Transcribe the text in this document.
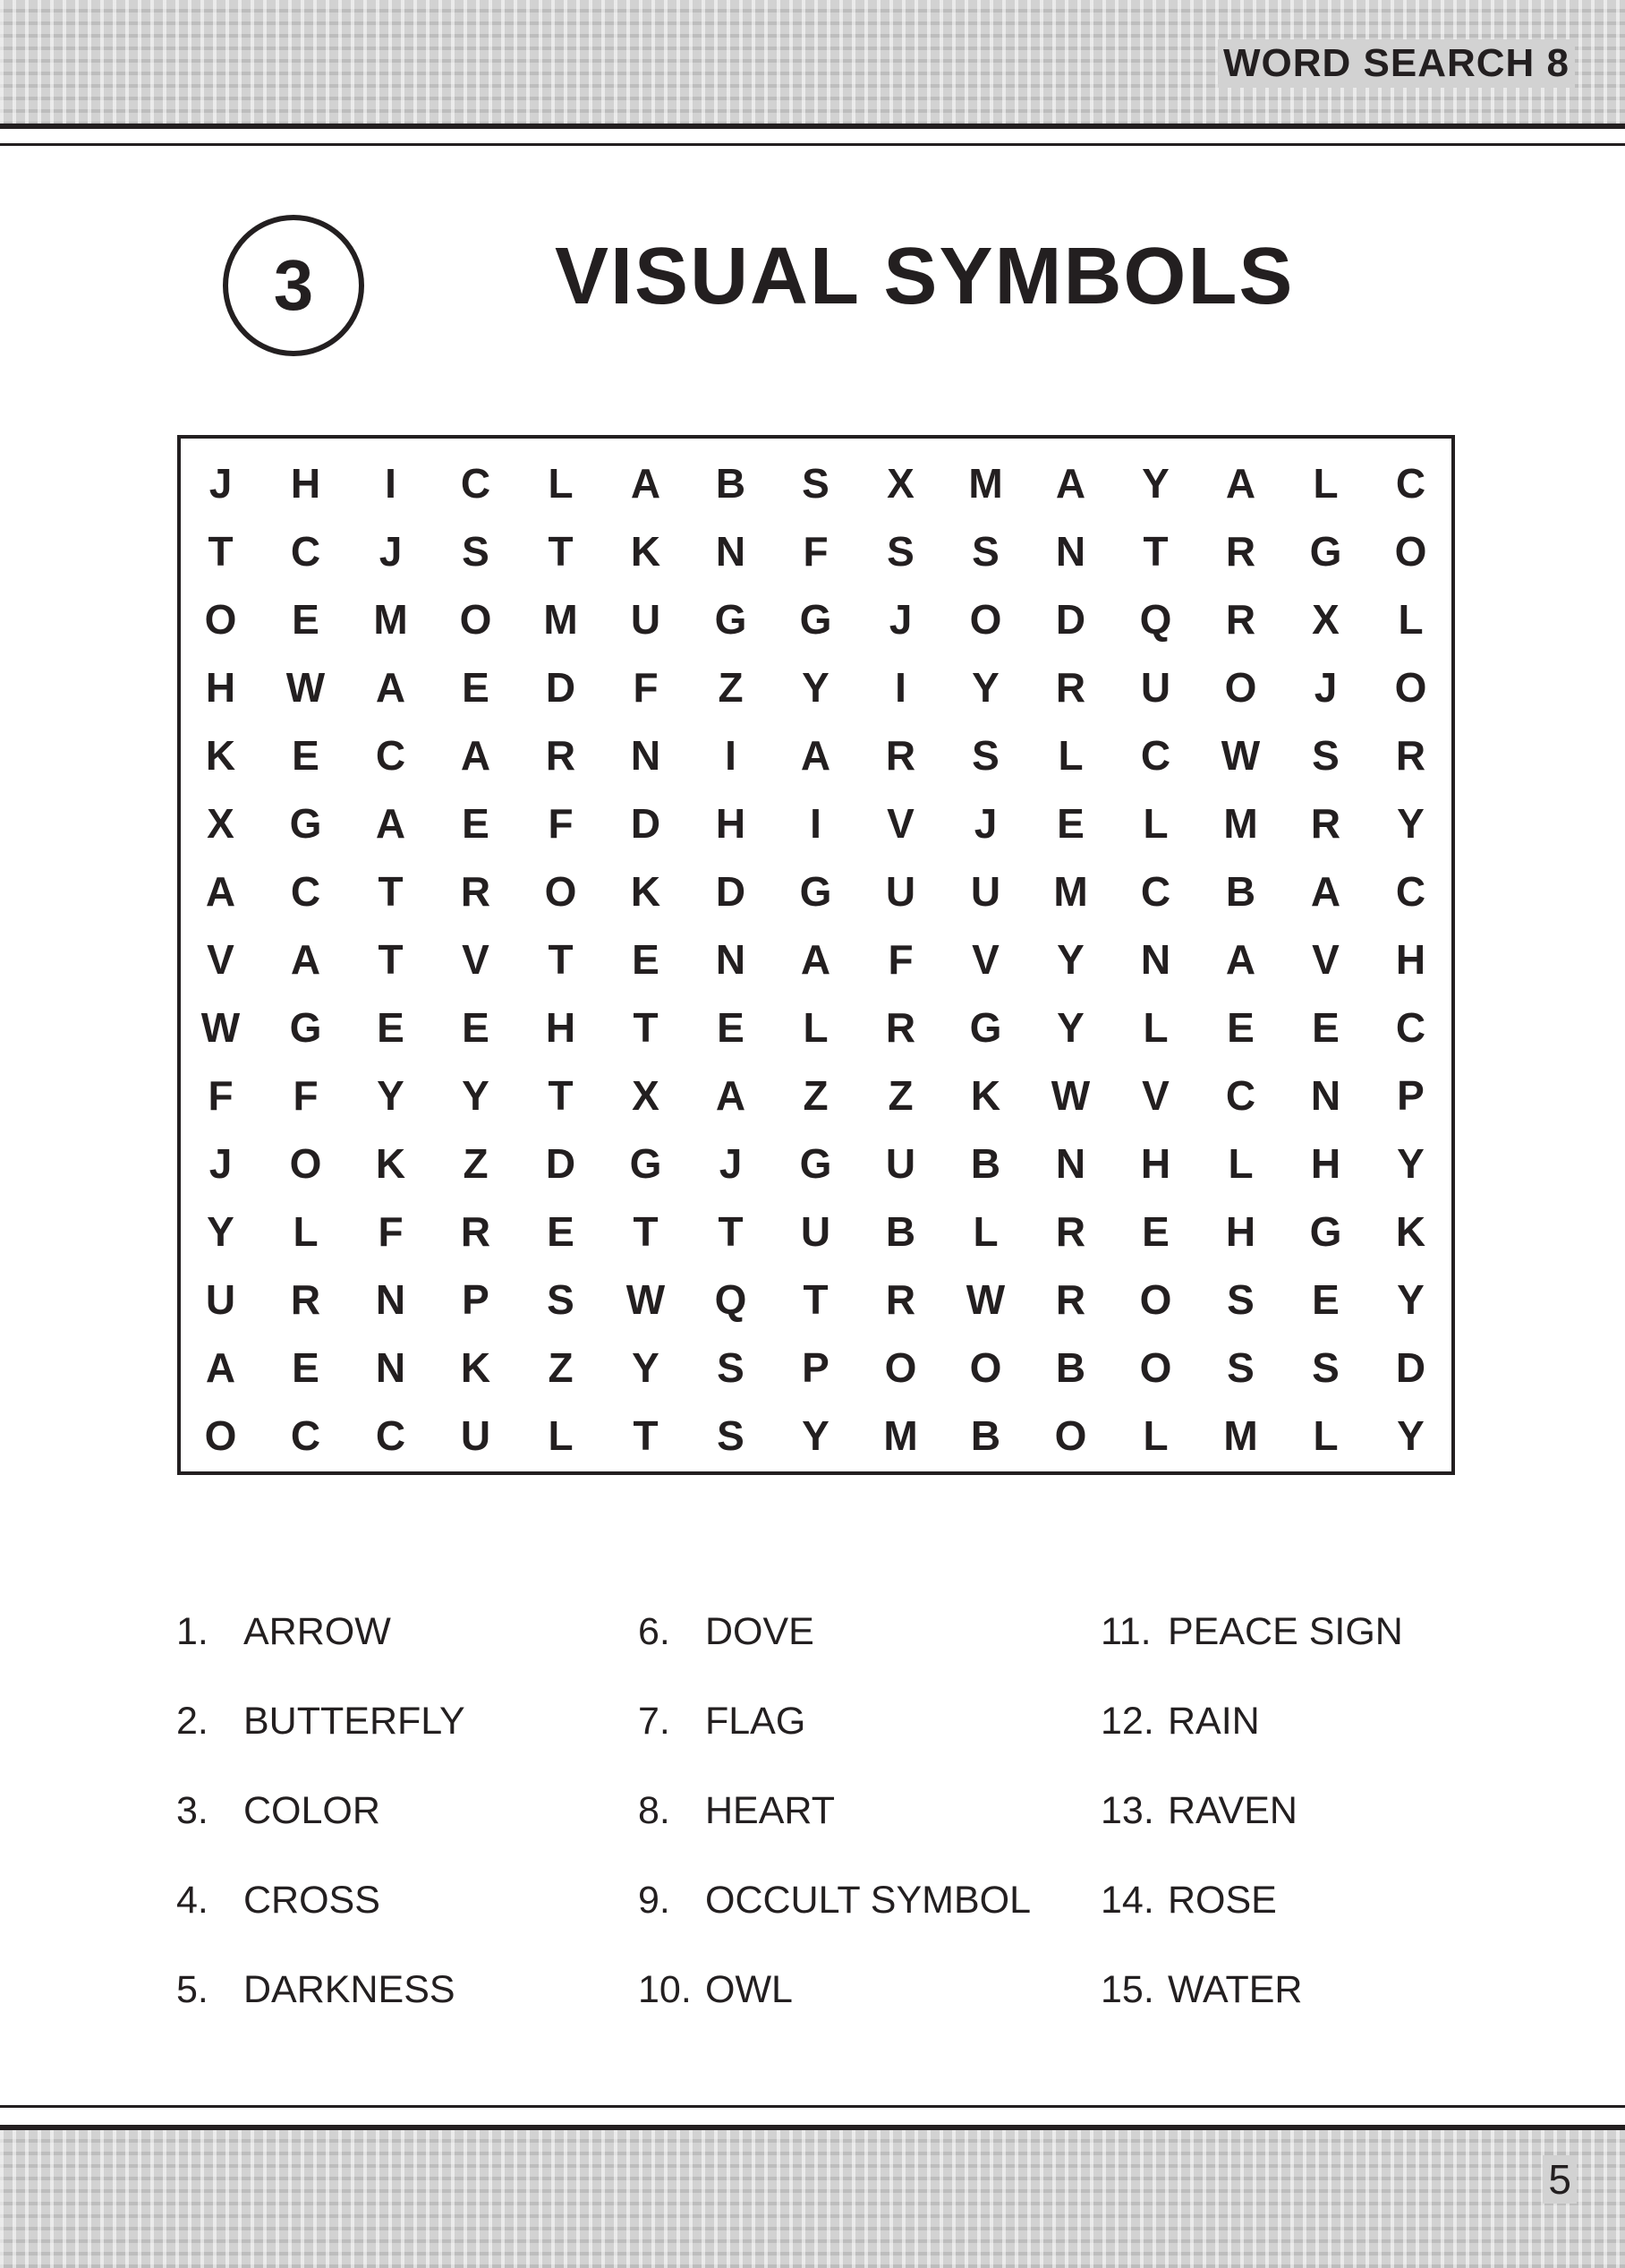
WORD SEARCH 8
3	VISUAL SYMBOLS
J	H	I	C	L	A	B	S	X	M	A	Y	A	L	C
T	C	J	S	T	K	N	F	S	S	N	T	R	G	O
O	E	M	O	M	U	G	G	J	O	D	Q	R	X	L
H	W	A	E	D	F	Z	Y	I	Y	R	U	O	J	O
K	E	C	A	R	N	I	A	R	S	L	C	W	S	R
X	G	A	E	F	D	H	I	V	J	E	L	M	R	Y
A	C	T	R	O	K	D	G	U	U	M	C	B	A	C
V	A	T	V	T	E	N	A	F	V	Y	N	A	V	H
W	G	E	E	H	T	E	L	R	G	Y	L	E	E	C
F	F	Y	Y	T	X	A	Z	Z	K	W	V	C	N	P
J	O	K	Z	D	G	J	G	U	B	N	H	L	H	Y
Y	L	F	R	E	T	T	U	B	L	R	E	H	G	K
U	R	N	P	S	W	Q	T	R	W	R	O	S	E	Y
A	E	N	K	Z	Y	S	P	O	O	B	O	S	S	D
O	C	C	U	L	T	S	Y	M	B	O	L	M	L	Y
1. ARROW
2. BUTTERFLY
3. COLOR
4. CROSS
5. DARKNESS
6. DOVE
7. FLAG
8. HEART
9. OCCULT SYMBOL
10. OWL
11. PEACE SIGN
12. RAIN
13. RAVEN
14. ROSE
15. WATER
5
